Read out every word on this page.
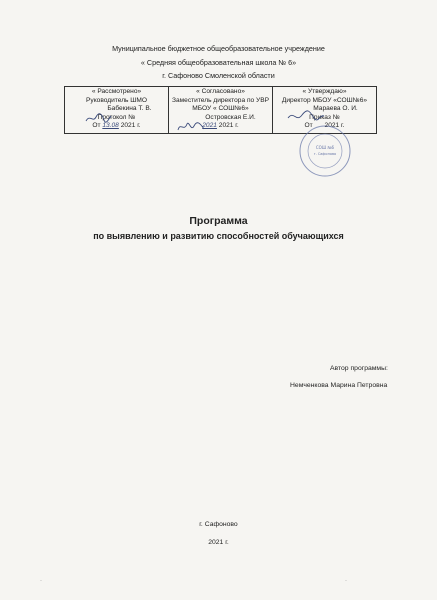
Муниципальное бюджетное общеобразовательное учреждение
« Средняя общеобразовательная школа № 6»
г. Сафоново Смоленской области
« Рассмотрено»
Руководитель ШМО
Бабекина Т. В.
Протокол №
От 13.08 2021 г.
« Согласовано»
Заместитель директора по УВР
МБОУ « СОШ№6»
Островская Е.И.
2021 2021 г.
« Утверждаю»
Директор МБОУ «СОШ№6»
Мараева О. И.
Приказ №
От 2021 г.
СОШ №6
г. Сафоново
Программа
по выявлению и развитию способностей обучающихся
Автор программы:
Немченкова Марина Петровна
г. Сафоново
2021 г.
·	·
